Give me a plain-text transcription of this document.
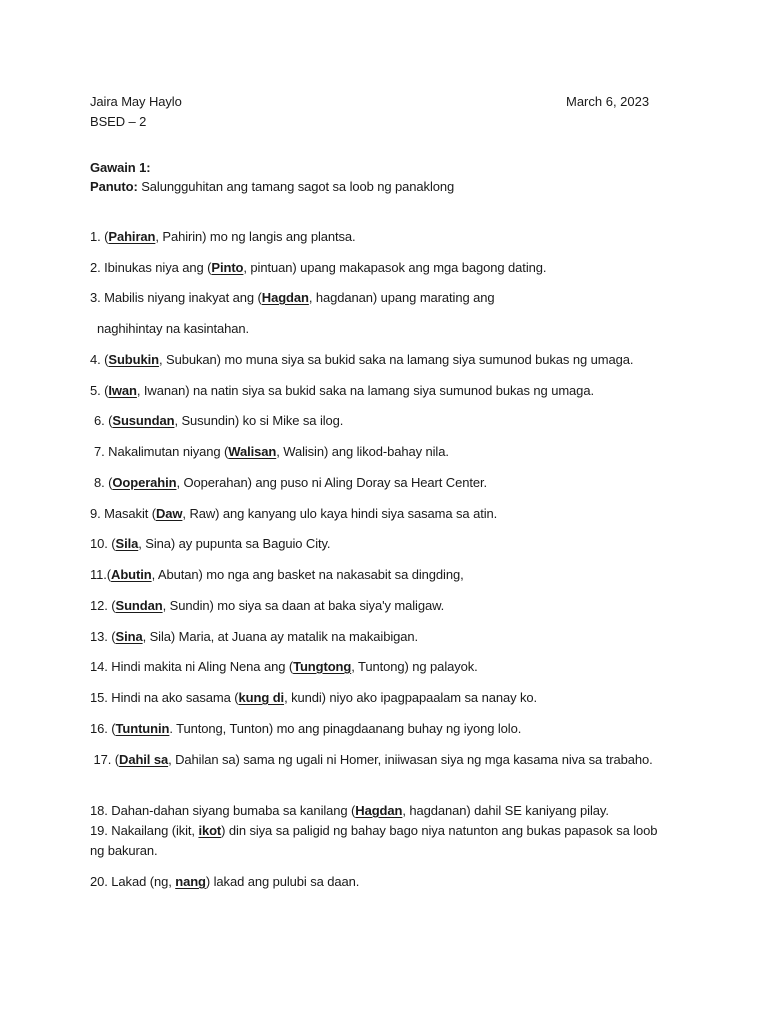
Jaira May Haylo	March 6, 2023
BSED – 2
Gawain 1:
Panuto: Salungguhitan ang tamang sagot sa loob ng panaklong
1. (Pahiran, Pahirin) mo ng langis ang plantsa.
2. Ibinukas niya ang (Pinto, pintuan) upang makapasok ang mga bagong dating.
3. Mabilis niyang inakyat ang (Hagdan, hagdanan) upang marating ang
naghihintay na kasintahan.
4. (Subukin, Subukan) mo muna siya sa bukid saka na lamang siya sumunod bukas ng umaga.
5. (Iwan, Iwanan) na natin siya sa bukid saka na lamang siya sumunod bukas ng umaga.
6. (Susundan, Susundin) ko si Mike sa ilog.
7. Nakalimutan niyang (Walisan, Walisin) ang likod-bahay nila.
8. (Ooperahin, Ooperahan) ang puso ni Aling Doray sa Heart Center.
9. Masakit (Daw, Raw) ang kanyang ulo kaya hindi siya sasama sa atin.
10. (Sila, Sina) ay pupunta sa Baguio City.
11.(Abutin, Abutan) mo nga ang basket na nakasabit sa dingding,
12. (Sundan, Sundin) mo siya sa daan at baka siya'y maligaw.
13. (Sina, Sila) Maria, at Juana ay matalik na makaibigan.
14. Hindi makita ni Aling Nena ang (Tungtong, Tuntong) ng palayok.
15. Hindi na ako sasama (kung di, kundi) niyo ako ipagpapaalam sa nanay ko.
16. (Tuntunin. Tuntong, Tunton) mo ang pinagdaanang buhay ng iyong lolo.
17. (Dahil sa, Dahilan sa) sama ng ugali ni Homer, iniiwasan siya ng mga kasama niva sa trabaho.
18. Dahan-dahan siyang bumaba sa kanilang (Hagdan, hagdanan) dahil SE kaniyang pilay.
19. Nakailang (ikit, ikot) din siya sa paligid ng bahay bago niya natunton ang bukas papasok sa loob ng bakuran.
20. Lakad (ng, nang) lakad ang pulubi sa daan.
